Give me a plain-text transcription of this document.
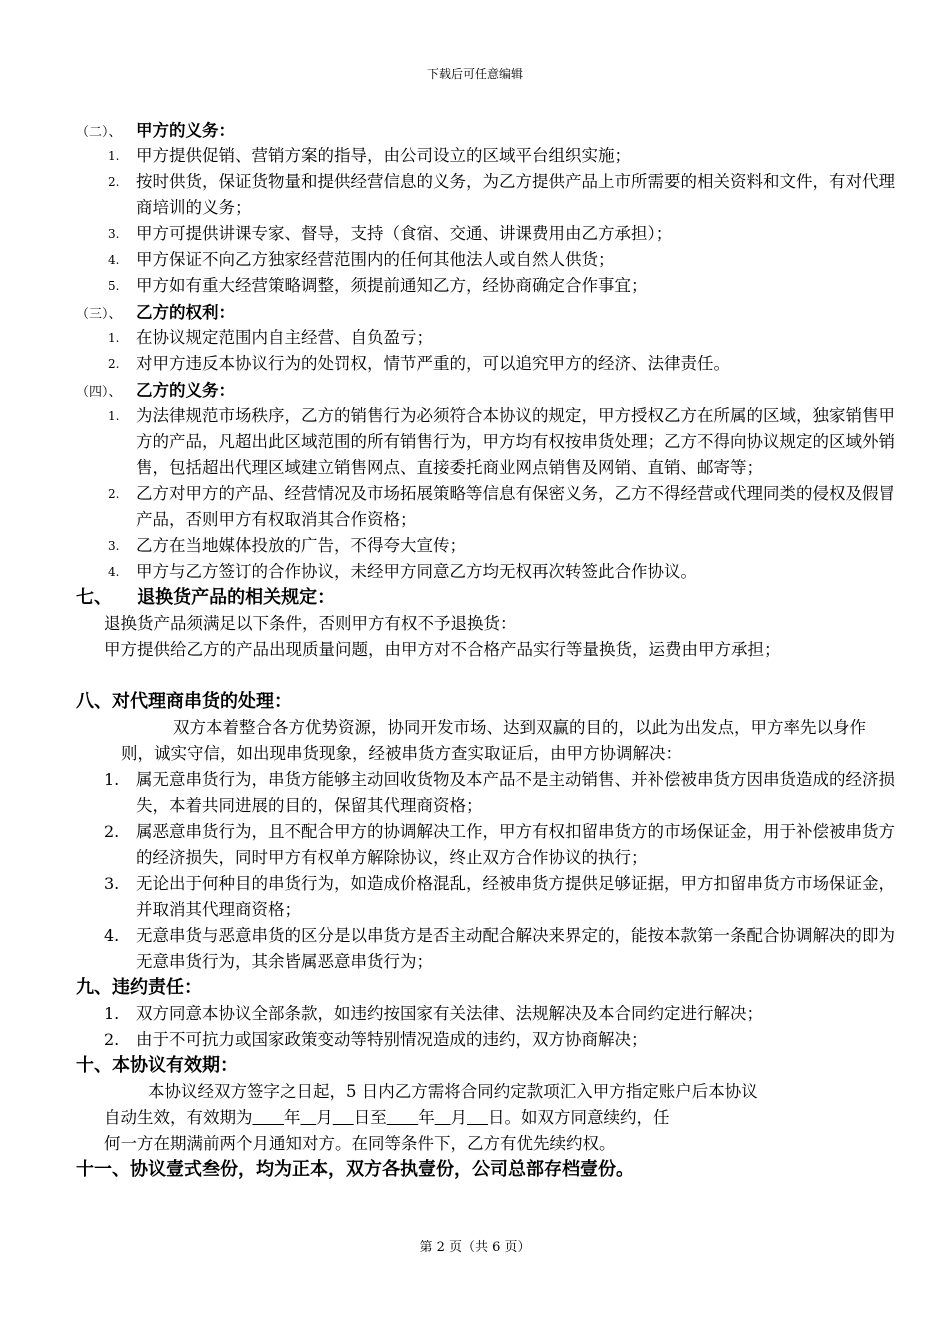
下载后可任意编辑
（二）、 甲方的义务：
1.	甲方提供促销、营销方案的指导，由公司设立的区域平台组织实施；
2.	按时供货，保证货物量和提供经营信息的义务，为乙方提供产品上市所需要的相关资料和文件，有对代理商培训的义务；
3.	甲方可提供讲课专家、督导，支持（食宿、交通、讲课费用由乙方承担）；
4.	甲方保证不向乙方独家经营范围内的任何其他法人或自然人供货；
5.	甲方如有重大经营策略调整，须提前通知乙方，经协商确定合作事宜；
（三）、 乙方的权利：
1.	在协议规定范围内自主经营、自负盈亏；
2.	对甲方违反本协议行为的处罚权，情节严重的，可以追究甲方的经济、法律责任。
（四）、 乙方的义务：
1.	为法律规范市场秩序，乙方的销售行为必须符合本协议的规定，甲方授权乙方在所属的区域，独家销售甲方的产品，凡超出此区域范围的所有销售行为，甲方均有权按串货处理；乙方不得向协议规定的区域外销售，包括超出代理区域建立销售网点、直接委托商业网点销售及网销、直销、邮寄等；
2.	乙方对甲方的产品、经营情况及市场拓展策略等信息有保密义务，乙方不得经营或代理同类的侵权及假冒产品，否则甲方有权取消其合作资格；
3.	乙方在当地媒体投放的广告，不得夸大宣传；
4.	甲方与乙方签订的合作协议，未经甲方同意乙方均无权再次转签此合作协议。
七、    退换货产品的相关规定：
退换货产品须满足以下条件，否则甲方有权不予退换货：
甲方提供给乙方的产品出现质量问题，由甲方对不合格产品实行等量换货，运费由甲方承担；
八、对代理商串货的处理：
双方本着整合各方优势资源，协同开发市场、达到双赢的目的，以此为出发点，甲方率先以身作则，诚实守信，如出现串货现象，经被串货方查实取证后，由甲方协调解决：
1.	属无意串货行为，串货方能够主动回收货物及本产品不是主动销售、并补偿被串货方因串货造成的经济损失，本着共同进展的目的，保留其代理商资格；
2.	属恶意串货行为，且不配合甲方的协调解决工作，甲方有权扣留串货方的市场保证金，用于补偿被串货方的经济损失，同时甲方有权单方解除协议，终止双方合作协议的执行；
3.	无论出于何种目的串货行为，如造成价格混乱，经被串货方提供足够证据，甲方扣留串货方市场保证金，并取消其代理商资格；
4.	无意串货与恶意串货的区分是以串货方是否主动配合解决来界定的，能按本款第一条配合协调解决的即为无意串货行为，其余皆属恶意串货行为；
九、违约责任：
1.	双方同意本协议全部条款，如违约按国家有关法律、法规解决及本合同约定进行解决；
2.	由于不可抗力或国家政策变动等特别情况造成的违约，双方协商解决；
十、本协议有效期：
本协议经双方签字之日起，5 日内乙方需将合同约定款项汇入甲方指定账户后本协议
自动生效，有效期为 年 月 日至 年 月 日。如双方同意续约，任
何一方在期满前两个月通知对方。在同等条件下，乙方有优先续约权。
十一、协议壹式叁份，均为正本，双方各执壹份，公司总部存档壹份。
第 2 页（共 6 页）
